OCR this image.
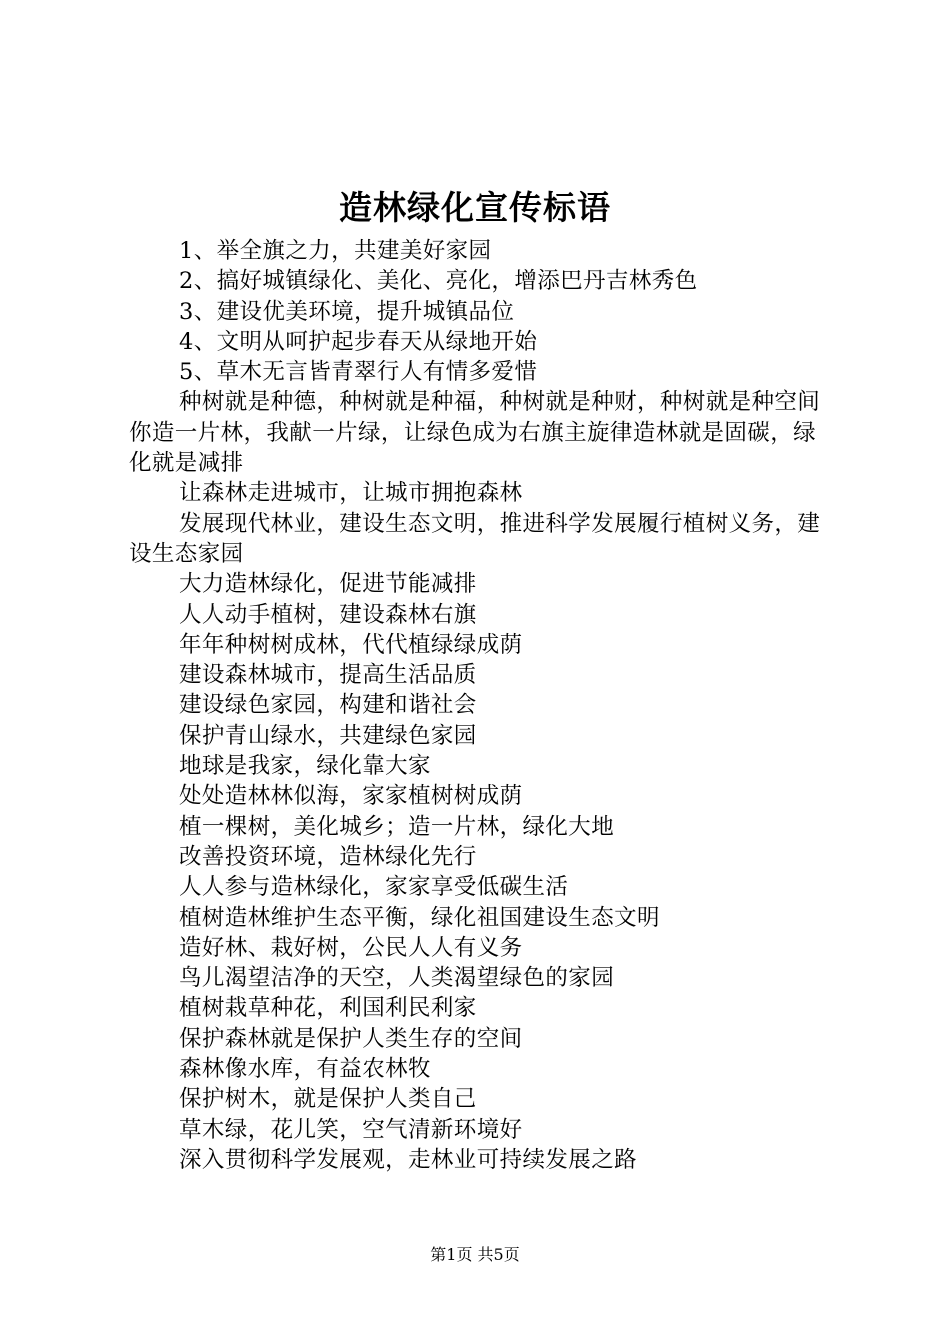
造林绿化宣传标语

1、举全旗之力，共建美好家园

2、搞好城镇绿化、美化、亮化，增添巴丹吉林秀色

3、建设优美环境，提升城镇品位

4、文明从呵护起步春天从绿地开始

5、草木无言皆青翠行人有情多爱惜

种树就是种德，种树就是种福，种树就是种财，种树就是种空间你造一片林，我献一片绿，让绿色成为右旗主旋律造林就是固碳，绿化就是减排

让森林走进城市，让城市拥抱森林

发展现代林业，建设生态文明，推进科学发展履行植树义务，建设生态家园

大力造林绿化，促进节能减排

人人动手植树，建设森林右旗

年年种树树成林，代代植绿绿成荫

建设森林城市，提高生活品质

建设绿色家园，构建和谐社会

保护青山绿水，共建绿色家园

地球是我家，绿化靠大家

处处造林林似海，家家植树树成荫

植一棵树，美化城乡；造一片林，绿化大地

改善投资环境，造林绿化先行

人人参与造林绿化，家家享受低碳生活

植树造林维护生态平衡，绿化祖国建设生态文明

造好林、栽好树，公民人人有义务

鸟儿渴望洁净的天空，人类渴望绿色的家园

植树栽草种花，利国利民利家

保护森林就是保护人类生存的空间

森林像水库，有益农林牧

保护树木，就是保护人类自己

草木绿，花儿笑，空气清新环境好

深入贯彻科学发展观，走林业可持续发展之路

第1页 共5页
